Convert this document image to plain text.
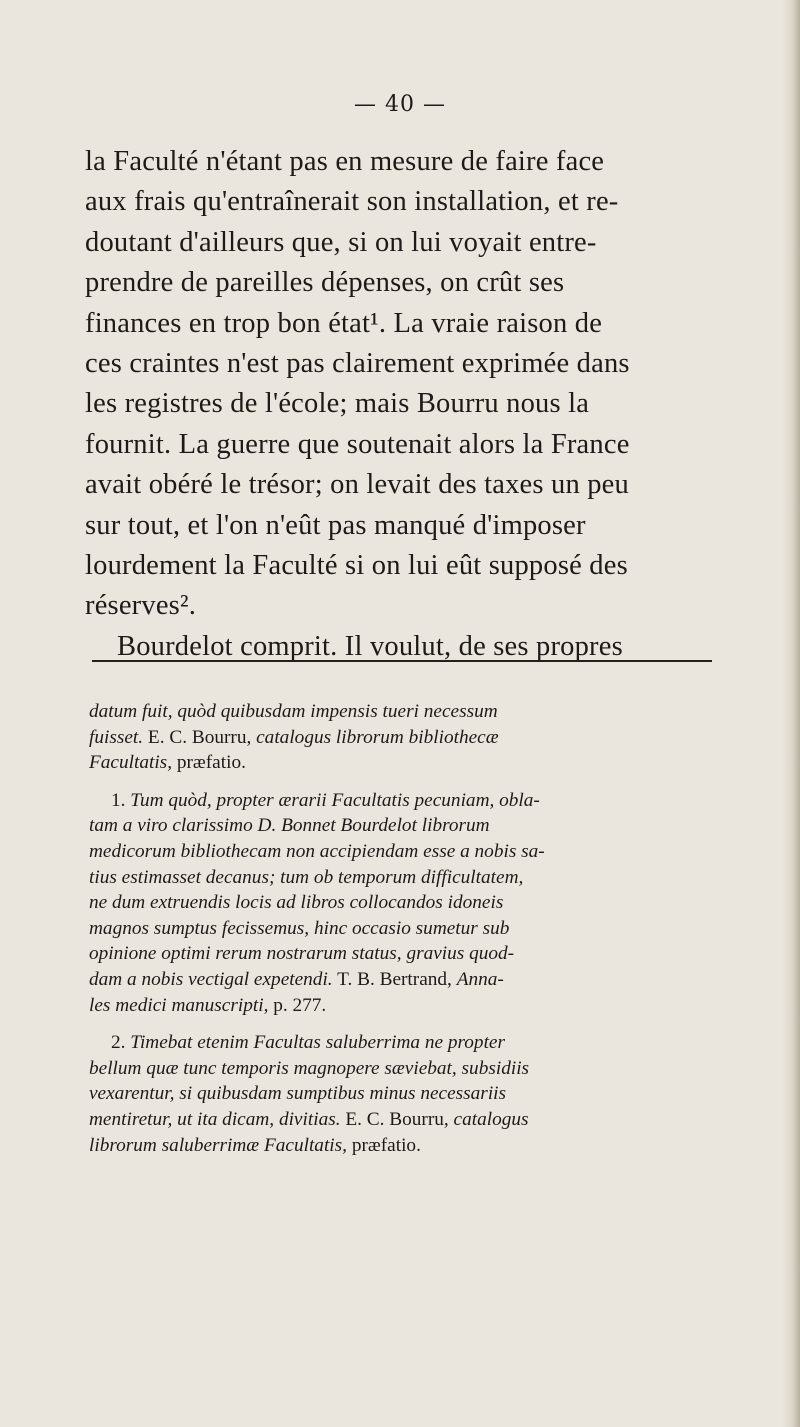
— 40 —
la Faculté n'étant pas en mesure de faire face
aux frais qu'entraînerait son installation, et re-
doutant d'ailleurs que, si on lui voyait entre-
prendre de pareilles dépenses, on crût ses
finances en trop bon état¹. La vraie raison de
ces craintes n'est pas clairement exprimée dans
les registres de l'école; mais Bourru nous la
fournit. La guerre que soutenait alors la France
avait obéré le trésor; on levait des taxes un peu
sur tout, et l'on n'eût pas manqué d'imposer
lourdement la Faculté si on lui eût supposé des
réserves².
Bourdelot comprit. Il voulut, de ses propres
datum fuit, quòd quibusdam impensis tueri necessum
fuisset. E. C. Bourru, catalogus librorum bibliothecæ
Facultatis, præfatio.
1. Tum quòd, propter ærarii Facultatis pecuniam, obla-
tam a viro clarissimo D. Bonnet Bourdelot librorum
medicorum bibliothecam non accipiendam esse a nobis sa-
tius estimasset decanus; tum ob temporum difficultatem,
ne dum extruendis locis ad libros collocandos idoneis
magnos sumptus fecissemus, hinc occasio sumetur sub
opinione optimi rerum nostrarum status, gravius quod-
dam a nobis vectigal expetendi. T. B. Bertrand, Anna-
les medici manuscripti, p. 277.
2. Timebat etenim Facultas saluberrima ne propter
bellum quæ tunc temporis magnopere sæviebat, subsidiis
vexarentur, si quibusdam sumptibus minus necessariis
mentiretur, ut ita dicam, divitias. E. C. Bourru, catalogus
librorum saluberrimæ Facultatis, præfatio.
